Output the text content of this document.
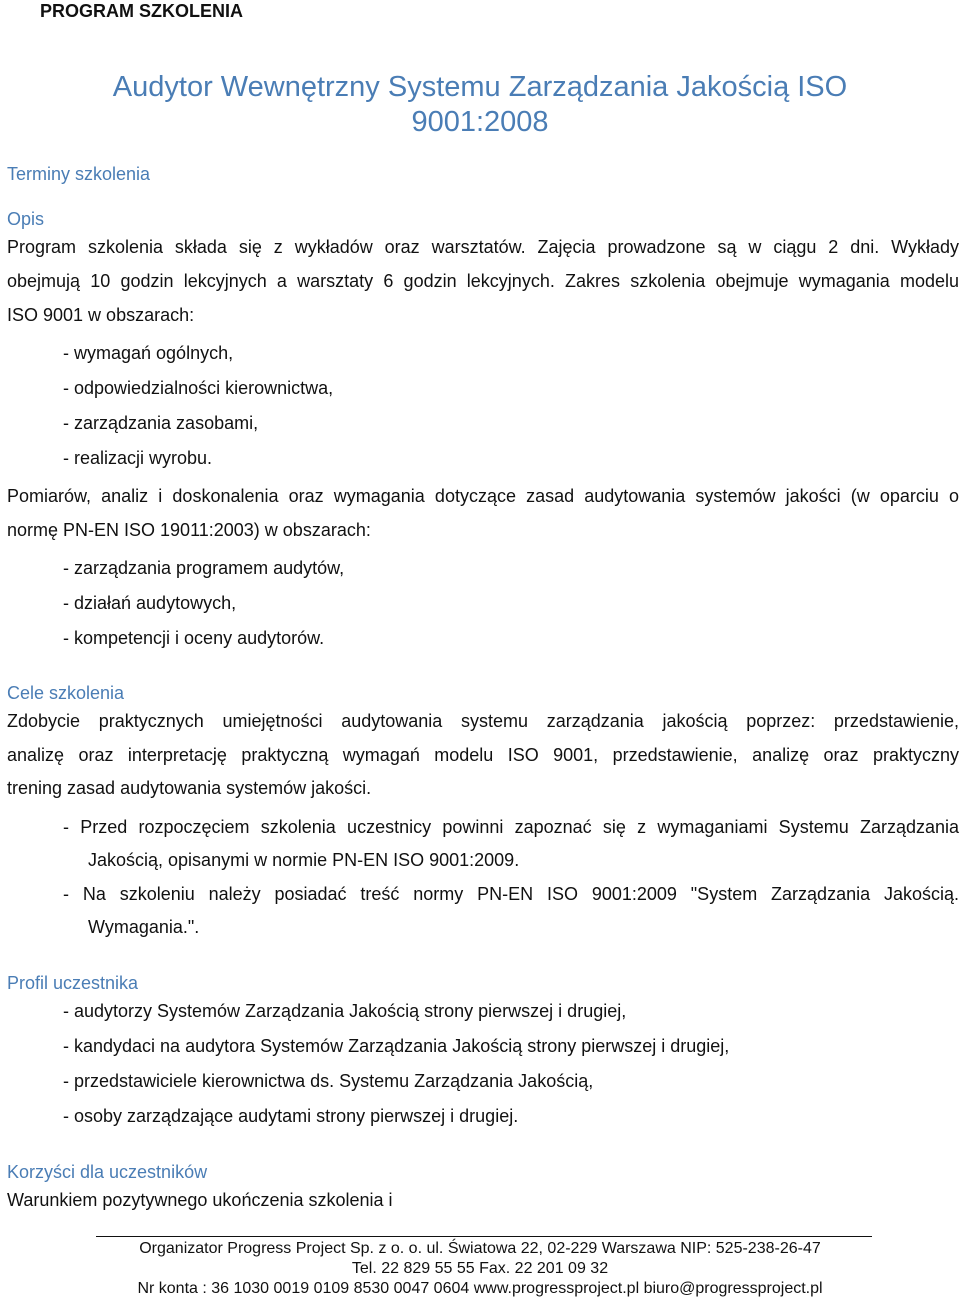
PROGRAM SZKOLENIA
Audytor Wewnętrzny Systemu Zarządzania Jakością ISO
9001:2008
Terminy szkolenia
Opis
Program szkolenia składa się z wykładów oraz warsztatów. Zajęcia prowadzone są w ciągu 2 dni. Wykłady
obejmują 10 godzin lekcyjnych a warsztaty 6 godzin lekcyjnych. Zakres szkolenia obejmuje wymagania modelu
ISO 9001 w obszarach:
- wymagań ogólnych,
- odpowiedzialności kierownictwa,
- zarządzania zasobami,
- realizacji wyrobu.
Pomiarów, analiz i doskonalenia oraz wymagania dotyczące zasad audytowania systemów jakości (w oparciu o
normę PN-EN ISO 19011:2003) w obszarach:
- zarządzania programem audytów,
- działań audytowych,
- kompetencji i oceny audytorów.
Cele szkolenia
Zdobycie praktycznych umiejętności audytowania systemu zarządzania jakością poprzez: przedstawienie,
analizę oraz interpretację praktyczną wymagań modelu ISO 9001, przedstawienie, analizę oraz praktyczny
trening zasad audytowania systemów jakości.
- Przed rozpoczęciem szkolenia uczestnicy powinni zapoznać się z wymaganiami Systemu Zarządzania
Jakością, opisanymi w normie PN-EN ISO 9001:2009.
- Na szkoleniu należy posiadać treść normy PN-EN ISO 9001:2009 "System Zarządzania Jakością.
Wymagania.".
Profil uczestnika
- audytorzy Systemów Zarządzania Jakością strony pierwszej i drugiej,
- kandydaci na audytora Systemów Zarządzania Jakością strony pierwszej i drugiej,
- przedstawiciele kierownictwa ds. Systemu Zarządzania Jakością,
- osoby zarządzające audytami strony pierwszej i drugiej.
Korzyści dla uczestników
Warunkiem pozytywnego ukończenia szkolenia i
Organizator Progress Project Sp. z o. o. ul. Światowa 22, 02-229 Warszawa NIP: 525-238-26-47
Tel. 22 829 55 55 Fax. 22 201 09 32
Nr konta : 36 1030 0019 0109 8530 0047 0604 www.progressproject.pl biuro@progressproject.pl
